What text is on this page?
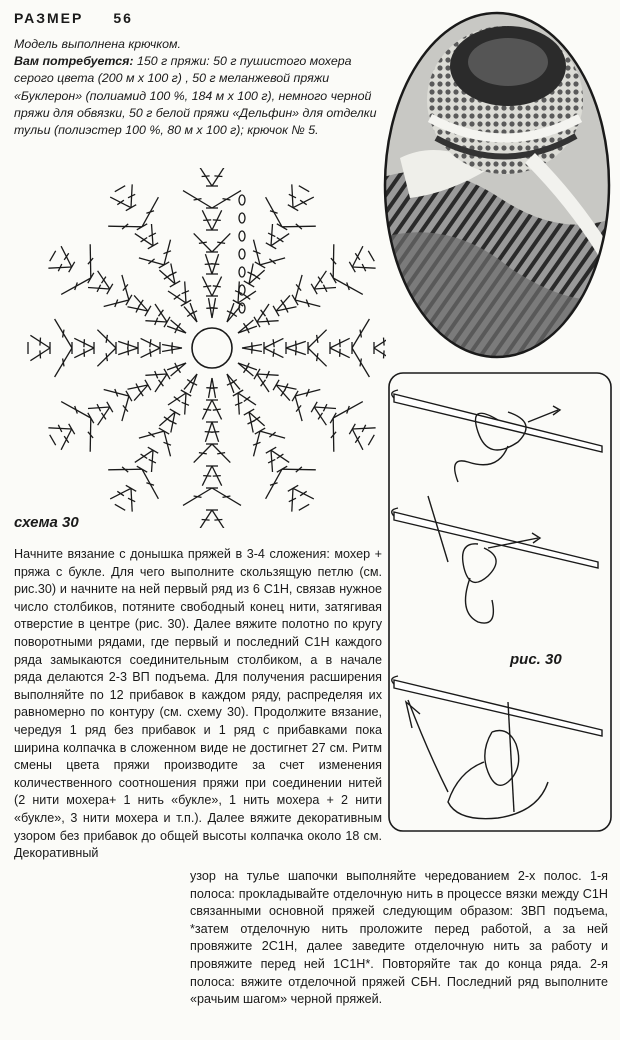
РАЗМЕР 56

Модель выполнена крючком.

Вам потребуется: 150 г пряжи: 50 г пушистого мохера серого цвета (200 м х 100 г) , 50 г меланжевой пряжи «Буклерон» (полиамид 100 %, 184 м х 100 г), немного черной пряжи для обвязки, 50 г белой пряжи «Дельфин» для отделки тульи (полиэстер 100 %, 80 м х 100 г); крючок № 5.

схема 30
рис. 30
Начните вязание с донышка пряжей в 3-4 сложения: мохер + пряжа с букле. Для чего выполните скользящую петлю (см. рис.30) и начните на ней первый ряд из 6 С1Н, связав нужное число столбиков, потяните свободный конец нити, затягивая отверстие в центре (рис. 30). Далее вяжите полотно по кругу поворотными рядами, где первый и последний С1Н каждого ряда замыкаются соединительным столбиком, а в начале ряда делаются 2-3 ВП подъема. Для получения расширения выполняйте по 12 прибавок в каждом ряду, распределяя их равномерно по контуру (см. схему 30). Продолжите вязание, чередуя 1 ряд без прибавок и 1 ряд с прибавками пока ширина колпачка в сложенном виде не достигнет 27 см. Ритм смены цвета пряжи производите за счет изменения количественного соотношения пряжи при соединении нитей (2 нити мохера+ 1 нить «букле», 1 нить мохера + 2 нити «букле», 3 нити мохера и т.п.). Далее вяжите декоративным узором без прибавок до общей высоты колпачка около 18 см. Декоративный
узор на тулье шапочки выполняйте чередованием 2-х полос. 1-я полоса: прокладывайте отделочную нить в процессе вязки между С1Н связанными основной пряжей следующим образом: 3ВП подъема, *затем отделочную нить проложите перед работой, а за ней провяжите 2С1Н, далее заведите отделочную нить за работу и провяжите перед ней 1С1Н*. Повторяйте так до конца ряда. 2-я полоса: вяжите отделочной пряжей СБН. Последний ряд выполните «рачьим шагом» черной пряжей.
